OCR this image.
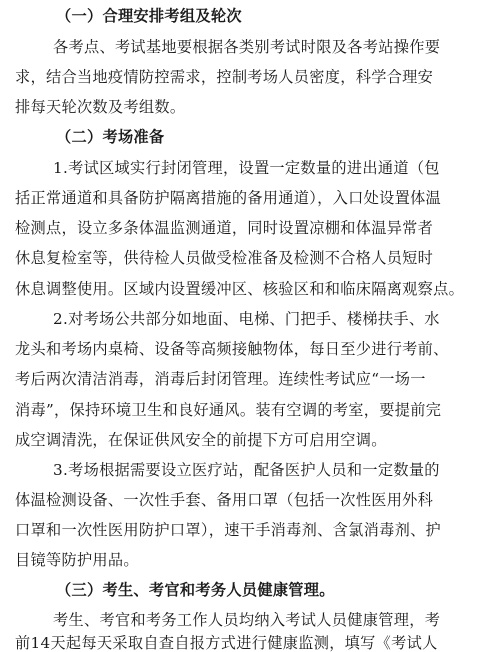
（一）合理安排考组及轮次
各考点、考试基地要根据各类别考试时限及各考站操作要
求，结合当地疫情防控需求，控制考场人员密度，科学合理安
排每天轮次数及考组数。
（二）考场准备
1.考试区域实行封闭管理，设置一定数量的进出通道（包
括正常通道和具备防护隔离措施的备用通道），入口处设置体温
检测点，设立多条体温监测通道，同时设置凉棚和体温异常者
休息复检室等，供待检人员做受检准备及检测不合格人员短时
休息调整使用。区域内设置缓冲区、核验区和和临床隔离观察点。
2.对考场公共部分如地面、电梯、门把手、楼梯扶手、水
龙头和考场内桌椅、设备等高频接触物体，每日至少进行考前、
考后两次清洁消毒，消毒后封闭管理。连续性考试应“一场一
消毒”，保持环境卫生和良好通风。装有空调的考室，要提前完
成空调清洗，在保证供风安全的前提下方可启用空调。
3.考场根据需要设立医疗站，配备医护人员和一定数量的
体温检测设备、一次性手套、备用口罩（包括一次性医用外科
口罩和一次性医用防护口罩），速干手消毒剂、含氯消毒剂、护
目镜等防护用品。
（三）考生、考官和考务人员健康管理。
考生、考官和考务工作人员均纳入考试人员健康管理，考
前14天起每天采取自查自报方式进行健康监测，填写《考试人
